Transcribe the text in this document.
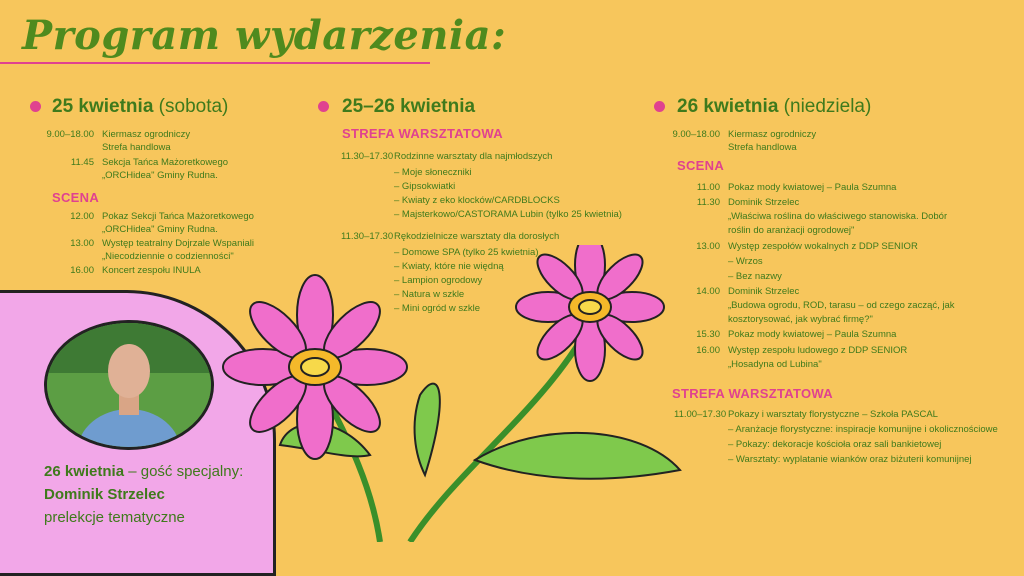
Program wydarzenia:
25 kwietnia (sobota)
9.00–18.00 Kiermasz ogrodniczy
Strefa handlowa
11.45 Sekcja Tańca Mażoretkowego
„ORCHidea" Gminy Rudna.
SCENA
12.00 Pokaz Sekcji Tańca Mażoretkowego
„ORCHidea" Gminy Rudna.
13.00 Występ teatralny Dojrzale Wspaniali
„Niecodziennie o codzienności"
16.00 Koncert zespołu INULA
25–26 kwietnia
STREFA WARSZTATOWA
11.30–17.30 Rodzinne warsztaty dla najmłodszych
– Moje słoneczniki
– Gipsokwiatki
– Kwiaty z eko klocków/CARDBLOCKS
– Majsterkowo/CASTORAMA Lubin (tylko 25 kwietnia)
11.30–17.30 Rękodzielnicze warsztaty dla dorosłych
– Domowe SPA (tylko 25 kwietnia)
– Kwiaty, które nie więdną
– Lampion ogrodowy
– Natura w szkle
– Mini ogród w szkle
26 kwietnia (niedziela)
9.00–18.00 Kiermasz ogrodniczy
Strefa handlowa
SCENA
11.00 Pokaz mody kwiatowej – Paula Szumna
11.30 Dominik Strzelec
„Właściwa roślina do właściwego stanowiska. Dobór
roślin do aranżacji ogrodowej"
13.00 Występ zespołów wokalnych z DDP SENIOR
– Wrzos
– Bez nazwy
14.00 Dominik Strzelec
„Budowa ogrodu, ROD, tarasu – od czego zacząć, jak
kosztorysować, jak wybrać firmę?"
15.30 Pokaz mody kwiatowej – Paula Szumna
16.00 Występ zespołu ludowego z DDP SENIOR
„Hosadyna od Lubina"
STREFA WARSZTATOWA
11.00–17.30 Pokazy i warsztaty florystyczne – Szkoła PASCAL
– Aranżacje florystyczne: inspiracje komunijne i okolicznościowe
– Pokazy: dekoracje kościoła oraz sali bankietowej
– Warsztaty: wyplatanie wianków oraz biżuterii komunijnej
26 kwietnia – gość specjalny:
Dominik Strzelec
prelekcje tematyczne
